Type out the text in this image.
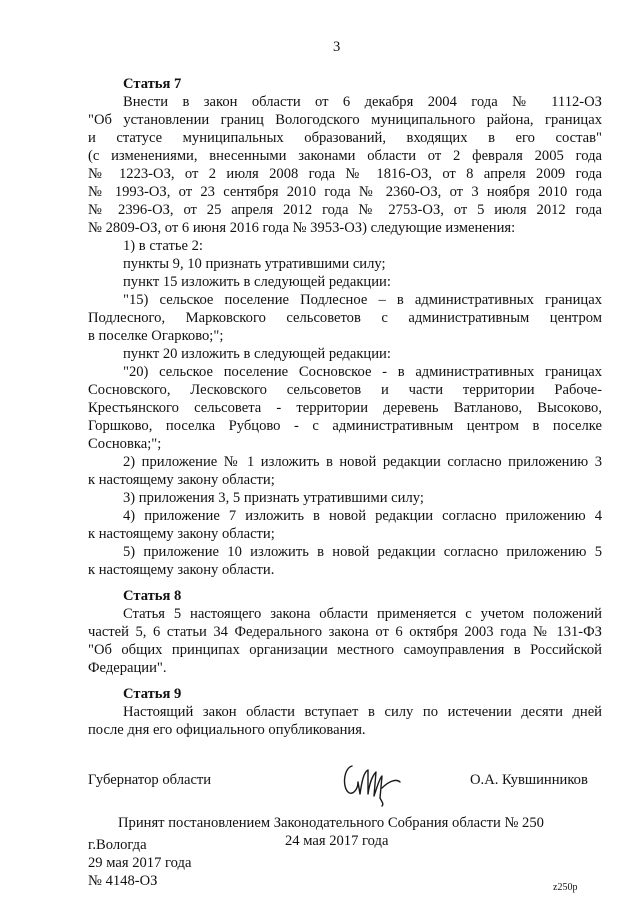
3
Статья 7
Внести в закон области от 6 декабря 2004 года № 1112-ОЗ
"Об установлении границ Вологодского муниципального района, границах
и статусе муниципальных образований, входящих в его состав"
(с изменениями, внесенными законами области от 2 февраля 2005 года
№ 1223-ОЗ, от 2 июля 2008 года № 1816-ОЗ, от 8 апреля 2009 года
№ 1993-ОЗ, от 23 сентября 2010 года № 2360-ОЗ, от 3 ноября 2010 года
№ 2396-ОЗ, от 25 апреля 2012 года № 2753-ОЗ, от 5 июля 2012 года
№ 2809-ОЗ, от 6 июня 2016 года № 3953-ОЗ) следующие изменения:
1) в статье 2:
пункты 9, 10 признать утратившими силу;
пункт 15 изложить в следующей редакции:
"15) сельское поселение Подлесное – в административных границах
Подлесного, Марковского сельсоветов с административным центром
в поселке Огарково;";
пункт 20 изложить в следующей редакции:
"20) сельское поселение Сосновское - в административных границах
Сосновского, Лесковского сельсоветов и части территории Рабоче-
Крестьянского сельсовета - территории деревень Ватланово, Высоково,
Горшково, поселка Рубцово - с административным центром в поселке
Сосновка;";
2) приложение № 1 изложить в новой редакции согласно приложению 3
к настоящему закону области;
3) приложения 3, 5 признать утратившими силу;
4) приложение 7 изложить в новой редакции согласно приложению 4
к настоящему закону области;
5) приложение 10 изложить в новой редакции согласно приложению 5
к настоящему закону области.
Статья 8
Статья 5 настоящего закона области применяется с учетом положений
частей 5, 6 статьи 34 Федерального закона от 6 октября 2003 года № 131-ФЗ
"Об общих принципах организации местного самоуправления в Российской
Федерации".
Статья 9
Настоящий закон области вступает в силу по истечении десяти дней
после дня его официального опубликования.
Губернатор области	О.А. Кувшинников
Принят постановлением Законодательного Собрания области № 250
24 мая 2017 года
г.Вологда
29 мая 2017 года
№ 4148-ОЗ	z250p
